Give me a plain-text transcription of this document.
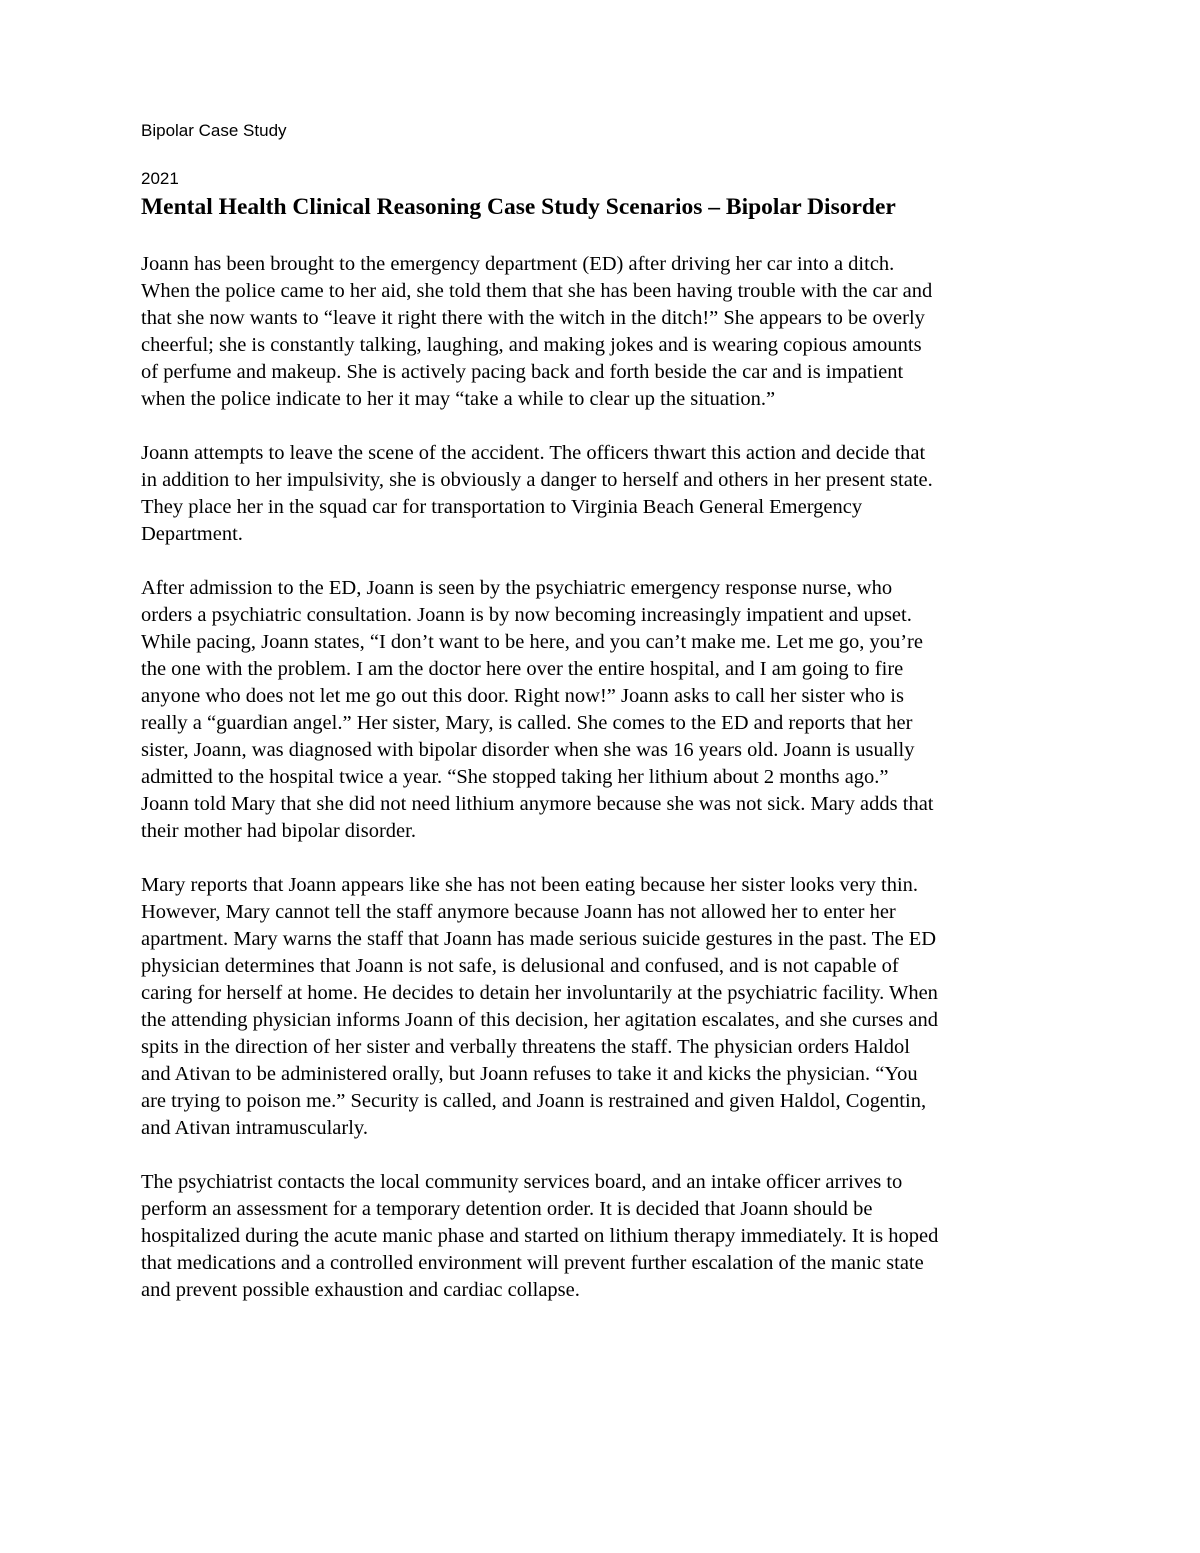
Bipolar Case Study
2021
Mental Health Clinical Reasoning Case Study Scenarios – Bipolar Disorder

Joann has been brought to the emergency department (ED) after driving her car into a ditch.
When the police came to her aid, she told them that she has been having trouble with the car and
that she now wants to “leave it right there with the witch in the ditch!” She appears to be overly
cheerful; she is constantly talking, laughing, and making jokes and is wearing copious amounts
of perfume and makeup. She is actively pacing back and forth beside the car and is impatient
when the police indicate to her it may “take a while to clear up the situation.”

Joann attempts to leave the scene of the accident. The officers thwart this action and decide that
in addition to her impulsivity, she is obviously a danger to herself and others in her present state.
They place her in the squad car for transportation to Virginia Beach General Emergency
Department.

After admission to the ED, Joann is seen by the psychiatric emergency response nurse, who
orders a psychiatric consultation. Joann is by now becoming increasingly impatient and upset.
While pacing, Joann states, “I don’t want to be here, and you can’t make me. Let me go, you’re
the one with the problem. I am the doctor here over the entire hospital, and I am going to fire
anyone who does not let me go out this door. Right now!” Joann asks to call her sister who is
really a “guardian angel.” Her sister, Mary, is called. She comes to the ED and reports that her
sister, Joann, was diagnosed with bipolar disorder when she was 16 years old. Joann is usually
admitted to the hospital twice a year. “She stopped taking her lithium about 2 months ago.”
Joann told Mary that she did not need lithium anymore because she was not sick. Mary adds that
their mother had bipolar disorder.

Mary reports that Joann appears like she has not been eating because her sister looks very thin.
However, Mary cannot tell the staff anymore because Joann has not allowed her to enter her
apartment. Mary warns the staff that Joann has made serious suicide gestures in the past. The ED
physician determines that Joann is not safe, is delusional and confused, and is not capable of
caring for herself at home. He decides to detain her involuntarily at the psychiatric facility. When
the attending physician informs Joann of this decision, her agitation escalates, and she curses and
spits in the direction of her sister and verbally threatens the staff. The physician orders Haldol
and Ativan to be administered orally, but Joann refuses to take it and kicks the physician. “You
are trying to poison me.” Security is called, and Joann is restrained and given Haldol, Cogentin,
and Ativan intramuscularly.

The psychiatrist contacts the local community services board, and an intake officer arrives to
perform an assessment for a temporary detention order. It is decided that Joann should be
hospitalized during the acute manic phase and started on lithium therapy immediately. It is hoped
that medications and a controlled environment will prevent further escalation of the manic state
and prevent possible exhaustion and cardiac collapse.
